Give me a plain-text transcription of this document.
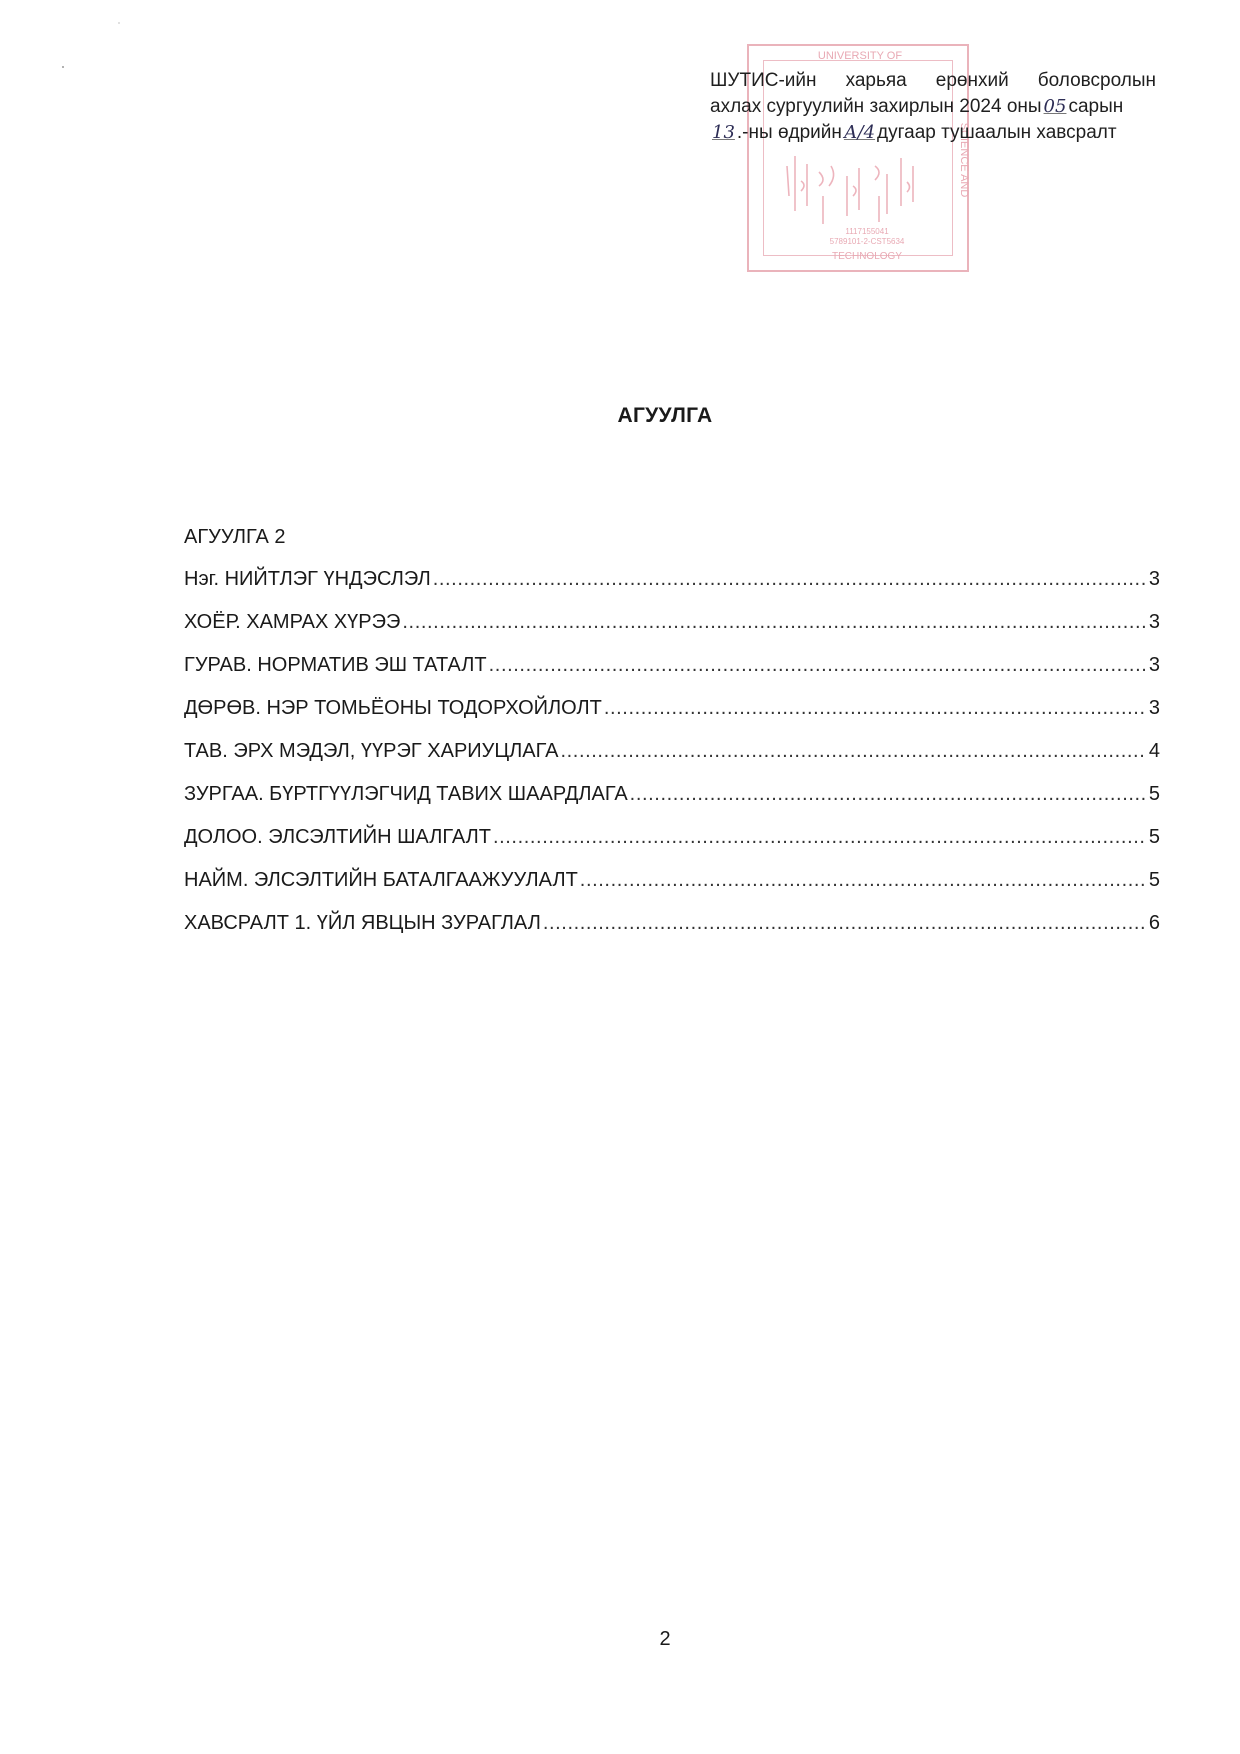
UNIVERSITY OF
SCIENCE AND
1117155041
5789101-2-CST5634
TECHNOLOGY
ШУТИС-ийн харьяа ерөнхий боловсролын
ахлах сургуулийн захирлын 2024 оны 05 сарын
13 .-ны өдрийн А/4 дугаар тушаалын хавсралт
АГУУЛГА
АГУУЛГА 2
Нэг. НИЙТЛЭГ ҮНДЭСЛЭЛ .....	3
ХОЁР. ХАМРАХ ХҮРЭЭ .....	3
ГУРАВ. НОРМАТИВ ЭШ ТАТАЛТ .....	3
ДӨРӨВ. НЭР ТОМЬЁОНЫ ТОДОРХОЙЛОЛТ .....	3
ТАВ. ЭРХ МЭДЭЛ, ҮҮРЭГ ХАРИУЦЛАГА .....	4
ЗУРГАА. БҮРТГҮҮЛЭГЧИД ТАВИХ ШААРДЛАГА .....	5
ДОЛОО. ЭЛСЭЛТИЙН ШАЛГАЛТ .....	5
НАЙМ. ЭЛСЭЛТИЙН БАТАЛГААЖУУЛАЛТ .....	5
ХАВСРАЛТ 1. ҮЙЛ ЯВЦЫН ЗУРАГЛАЛ .....	6
2
